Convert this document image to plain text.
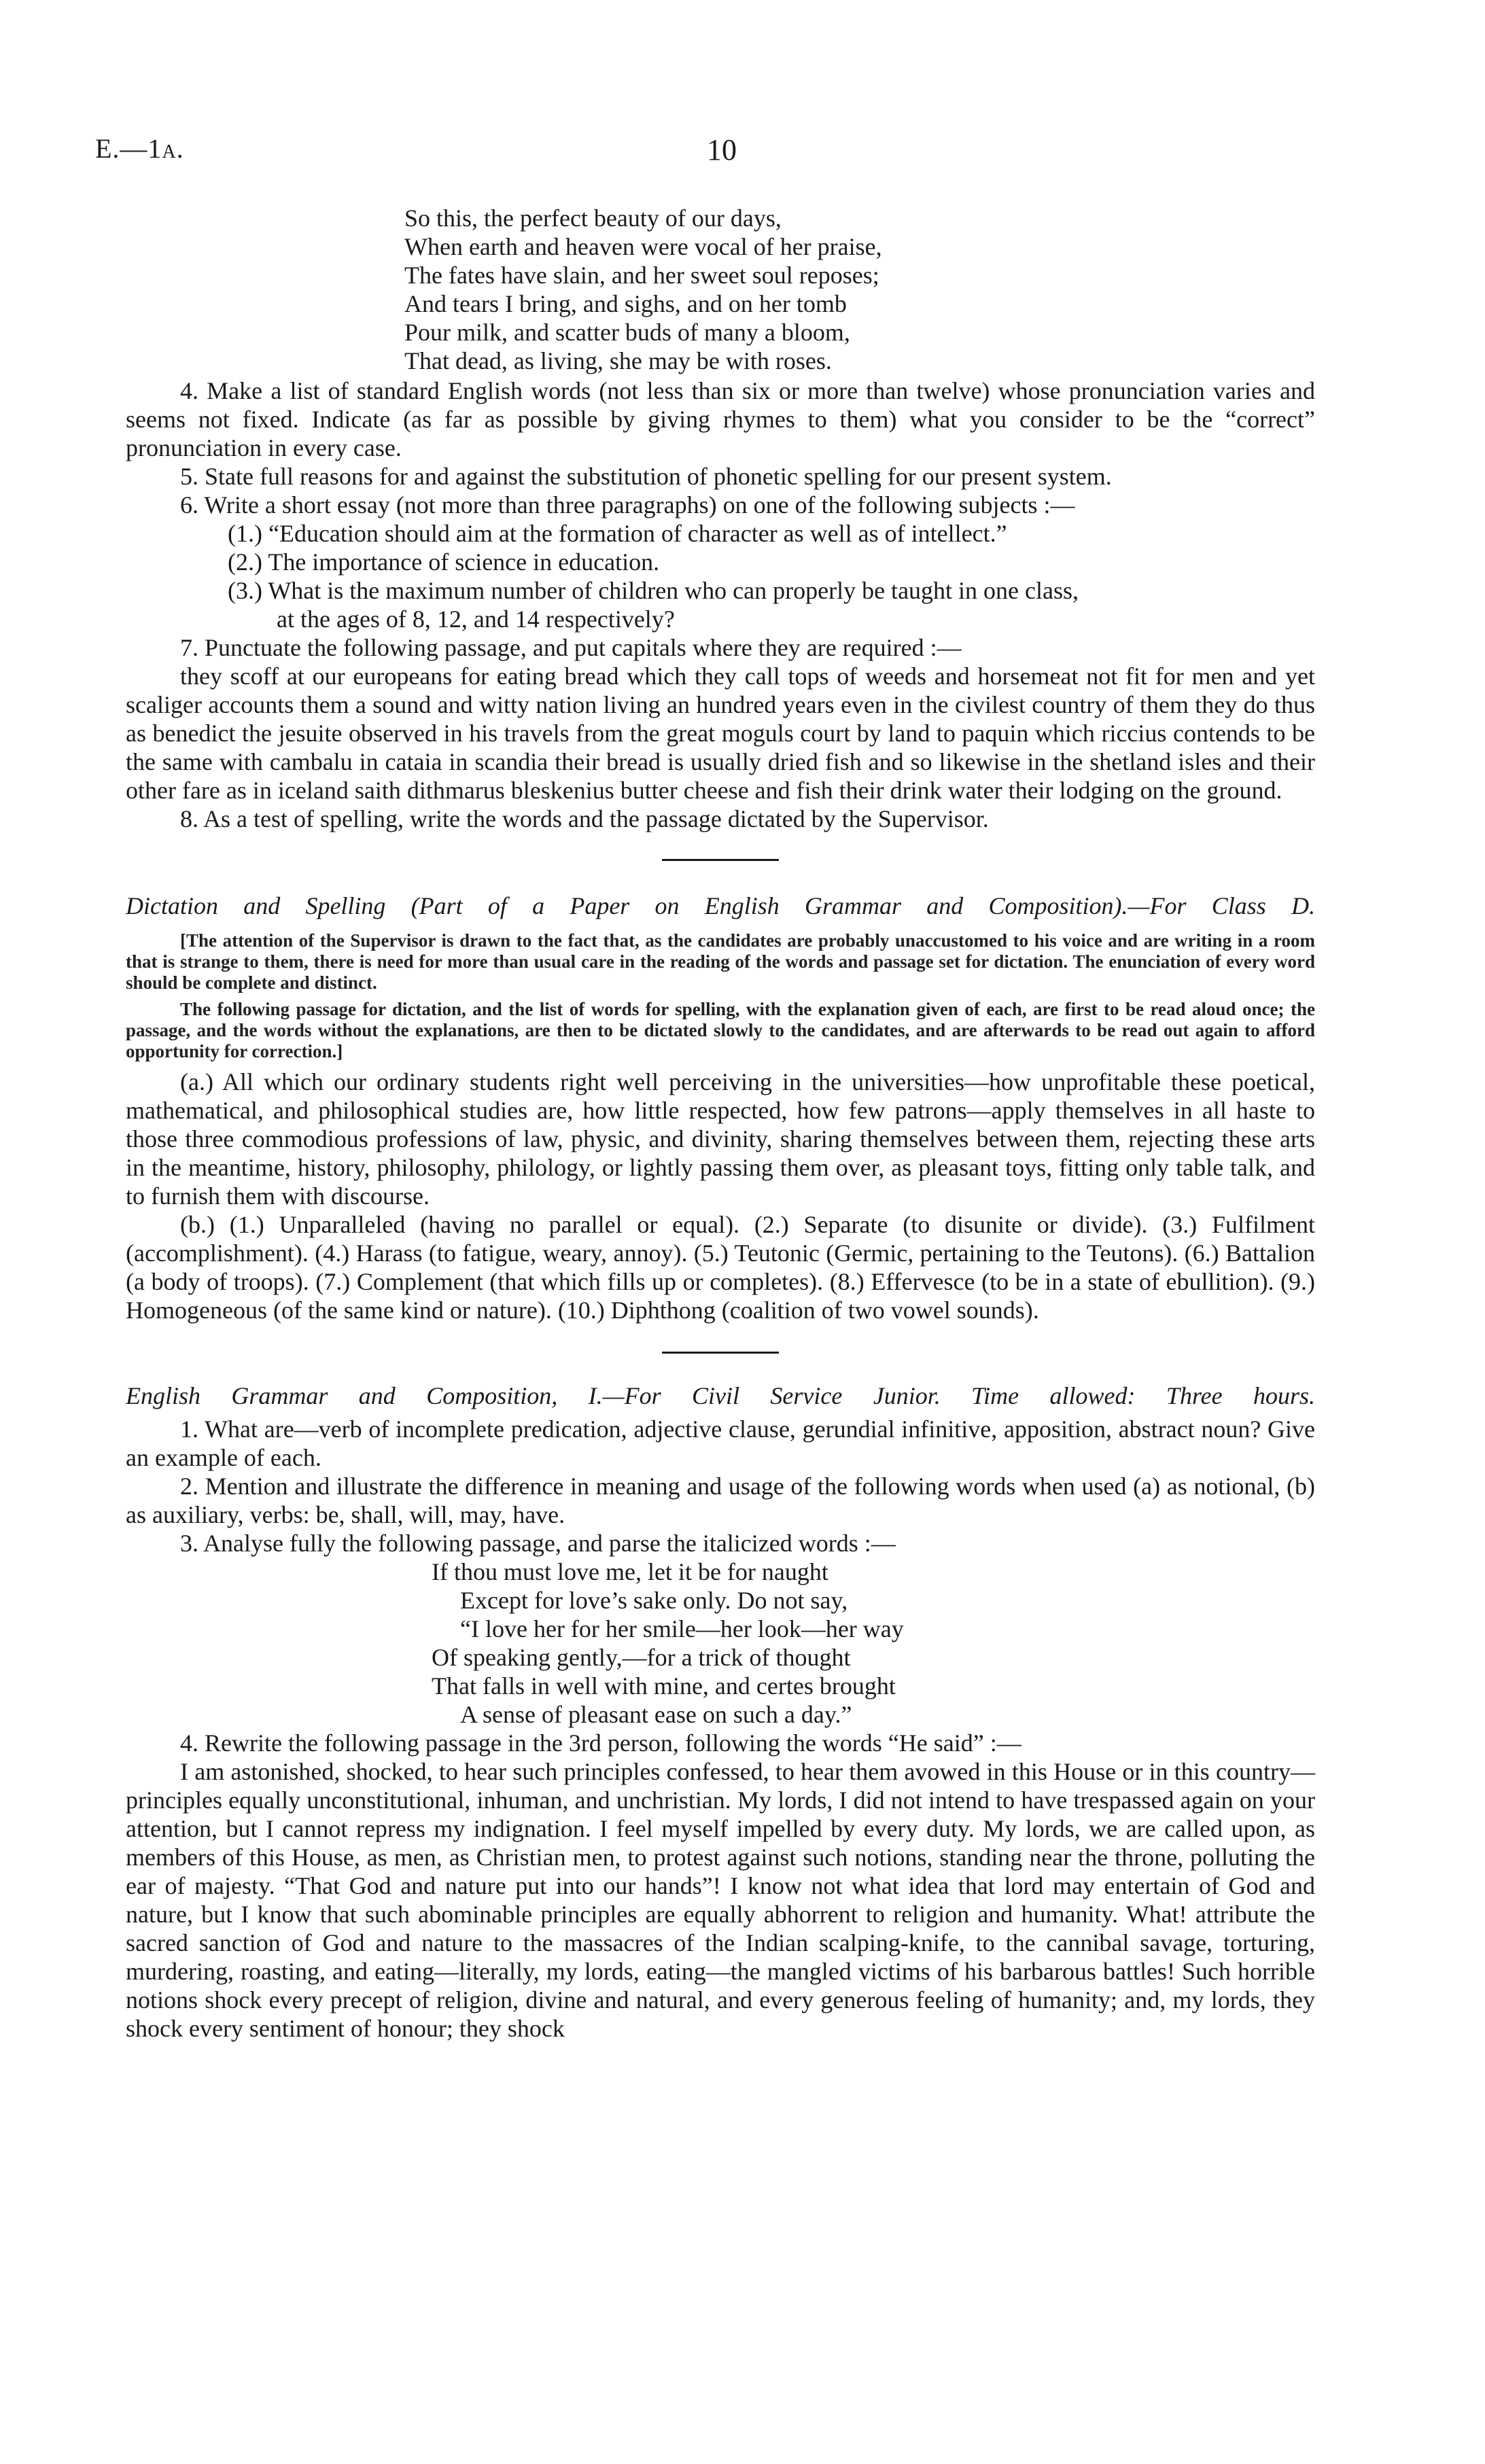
E.—1a.	10

So this, the perfect beauty of our days,

When earth and heaven were vocal of her praise,

The fates have slain, and her sweet soul reposes;

And tears I bring, and sighs, and on her tomb

Pour milk, and scatter buds of many a bloom,

That dead, as living, she may be with roses.

4. Make a list of standard English words (not less than six or more than twelve) whose pronunciation varies and seems not fixed. Indicate (as far as possible by giving rhymes to them) what you consider to be the “correct” pronunciation in every case.

5. State full reasons for and against the substitution of phonetic spelling for our present system.

6. Write a short essay (not more than three paragraphs) on one of the following subjects :—

(1.) “Education should aim at the formation of character as well as of intellect.”

(2.) The importance of science in education.

(3.) What is the maximum number of children who can properly be taught in one class,

at the ages of 8, 12, and 14 respectively?

7. Punctuate the following passage, and put capitals where they are required :—

they scoff at our europeans for eating bread which they call tops of weeds and horsemeat not fit for men and yet scaliger accounts them a sound and witty nation living an hundred years even in the civilest country of them they do thus as benedict the jesuite observed in his travels from the great moguls court by land to paquin which riccius contends to be the same with cambalu in cataia in scandia their bread is usually dried fish and so likewise in the shetland isles and their other fare as in iceland saith dithmarus bleskenius butter cheese and fish their drink water their lodging on the ground.

8. As a test of spelling, write the words and the passage dictated by the Supervisor.

Dictation and Spelling (Part of a Paper on English Grammar and Composition).—For Class D.

[The attention of the Supervisor is drawn to the fact that, as the candidates are probably unaccustomed to his voice and are writing in a room that is strange to them, there is need for more than usual care in the reading of the words and passage set for dictation. The enunciation of every word should be complete and distinct.

The following passage for dictation, and the list of words for spelling, with the explanation given of each, are first to be read aloud once; the passage, and the words without the explanations, are then to be dictated slowly to the candidates, and are afterwards to be read out again to afford opportunity for correction.]

(a.) All which our ordinary students right well perceiving in the universities—how unprofitable these poetical, mathematical, and philosophical studies are, how little respected, how few patrons—apply themselves in all haste to those three commodious professions of law, physic, and divinity, sharing themselves between them, rejecting these arts in the meantime, history, philosophy, philology, or lightly passing them over, as pleasant toys, fitting only table talk, and to furnish them with discourse.

(b.) (1.) Unparalleled (having no parallel or equal). (2.) Separate (to disunite or divide). (3.) Fulfilment (accomplishment). (4.) Harass (to fatigue, weary, annoy). (5.) Teutonic (Germic, pertaining to the Teutons). (6.) Battalion (a body of troops). (7.) Complement (that which fills up or completes). (8.) Effervesce (to be in a state of ebullition). (9.) Homogeneous (of the same kind or nature). (10.) Diphthong (coalition of two vowel sounds).

English Grammar and Composition, I.—For Civil Service Junior. Time allowed: Three hours.

1. What are—verb of incomplete predication, adjective clause, gerundial infinitive, apposition, abstract noun? Give an example of each.

2. Mention and illustrate the difference in meaning and usage of the following words when used (a) as notional, (b) as auxiliary, verbs: be, shall, will, may, have.

3. Analyse fully the following passage, and parse the italicized words :—

If thou must love me, let it be for naught

Except for love’s sake only. Do not say,

“I love her for her smile—her look—her way

Of speaking gently,—for a trick of thought

That falls in well with mine, and certes brought

A sense of pleasant ease on such a day.”

4. Rewrite the following passage in the 3rd person, following the words “He said” :—

I am astonished, shocked, to hear such principles confessed, to hear them avowed in this House or in this country—principles equally unconstitutional, inhuman, and unchristian. My lords, I did not intend to have trespassed again on your attention, but I cannot repress my indignation. I feel myself impelled by every duty. My lords, we are called upon, as members of this House, as men, as Christian men, to protest against such notions, standing near the throne, polluting the ear of majesty. “That God and nature put into our hands”! I know not what idea that lord may entertain of God and nature, but I know that such abominable principles are equally abhorrent to religion and humanity. What! attribute the sacred sanction of God and nature to the massacres of the Indian scalping-knife, to the cannibal savage, torturing, murdering, roasting, and eating—literally, my lords, eating—the mangled victims of his barbarous battles! Such horrible notions shock every precept of religion, divine and natural, and every generous feeling of humanity; and, my lords, they shock every sentiment of honour; they shock
